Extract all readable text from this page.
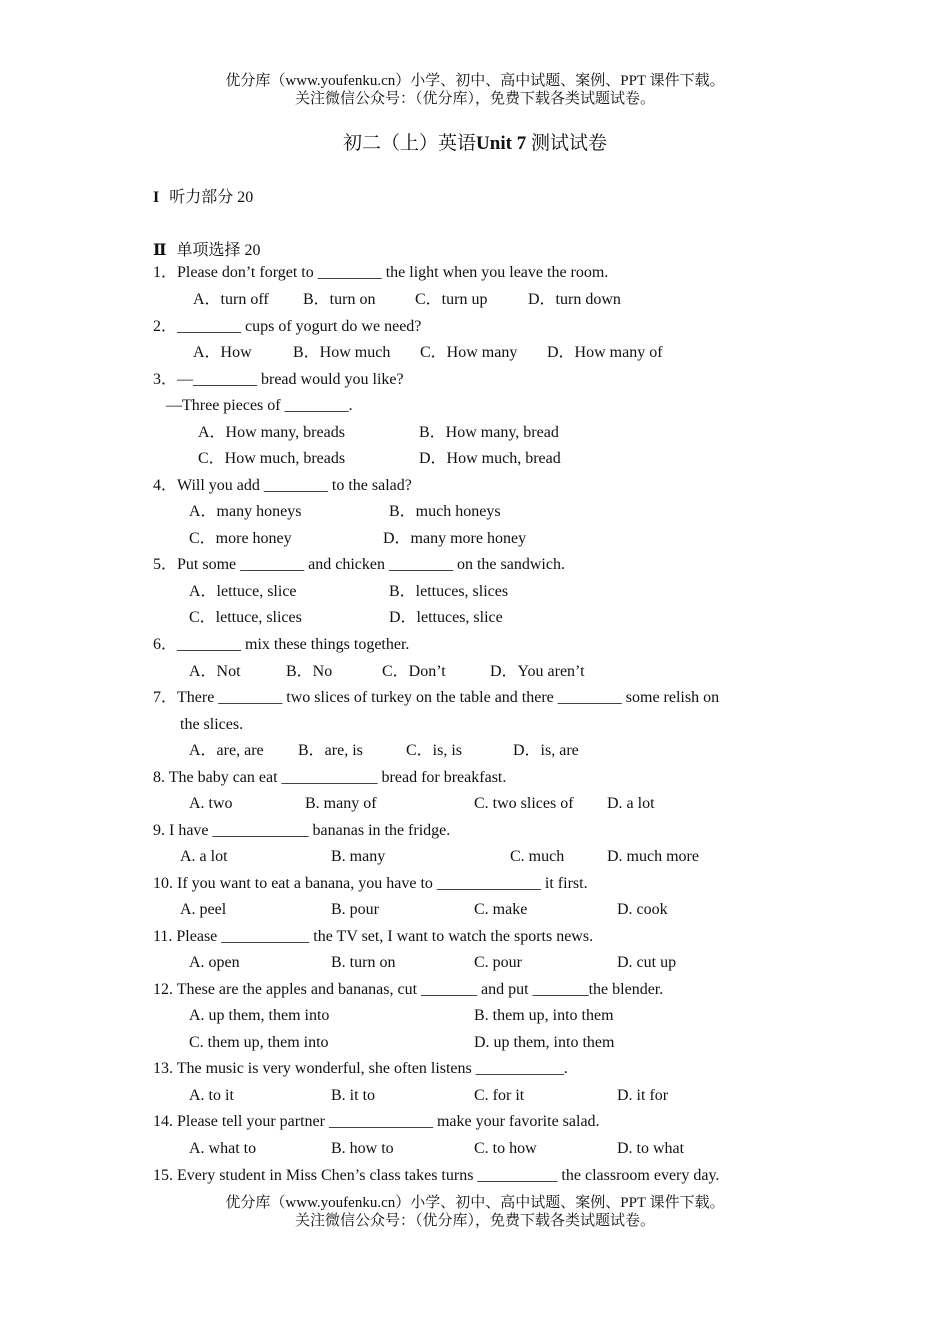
优分库（www.youfenku.cn）小学、初中、高中试题、案例、PPT 课件下载。
关注微信公众号：（优分库），免费下载各类试题试卷。
初二（上）英语Unit 7 测试试卷
I 听力部分 20
Ⅱ 单项选择 20
1．Please don’t forget to ________ the light when you leave the room.
A．turn off B．turn on C．turn up	D．turn down
2．________ cups of yogurt do we need?
A．How	B．How much C．How many D．How many of
3．—________ bread would you like?
—Three pieces of ________.
A．How many, breads	B．How many, bread
C．How much, breads	D．How much, bread
4．Will you add ________ to the salad?
A．many honeys	B．much honeys
C．more honey	D．many more honey
5．Put some ________ and chicken ________ on the sandwich.
A．lettuce, slice	B．lettuces, slices
C．lettuce, slices	D．lettuces, slice
6．________ mix these things together.
A．Not	B．No	C．Don’t	D．You aren’t
7．There ________ two slices of turkey on the table and there ________ some relish on
the slices.
A．are, are B．are, is	C．is, is	D．is, are
8. The baby can eat ____________ bread for breakfast.
A. two	B. many of	C. two slices of D. a lot
9. I have ____________ bananas in the fridge.
A. a lot	B. many	C. much	D. much more
10. If you want to eat a banana, you have to _____________ it first.
A. peel	B. pour	C. make	D. cook
11. Please ___________ the TV set, I want to watch the sports news.
A. open	B. turn on	C. pour	D. cut up
12. These are the apples and bananas, cut _______ and put _______the blender.
A. up them, them into	B. them up, into them
C. them up, them into	D. up them, into them
13. The music is very wonderful, she often listens ___________.
A. to it	B. it to	C. for it	D. it for
14. Please tell your partner _____________ make your favorite salad.
A. what to	B. how to	C. to how	D. to what
15. Every student in Miss Chen’s class takes turns __________ the classroom every day.
优分库（www.youfenku.cn）小学、初中、高中试题、案例、PPT 课件下载。
关注微信公众号：（优分库），免费下载各类试题试卷。
